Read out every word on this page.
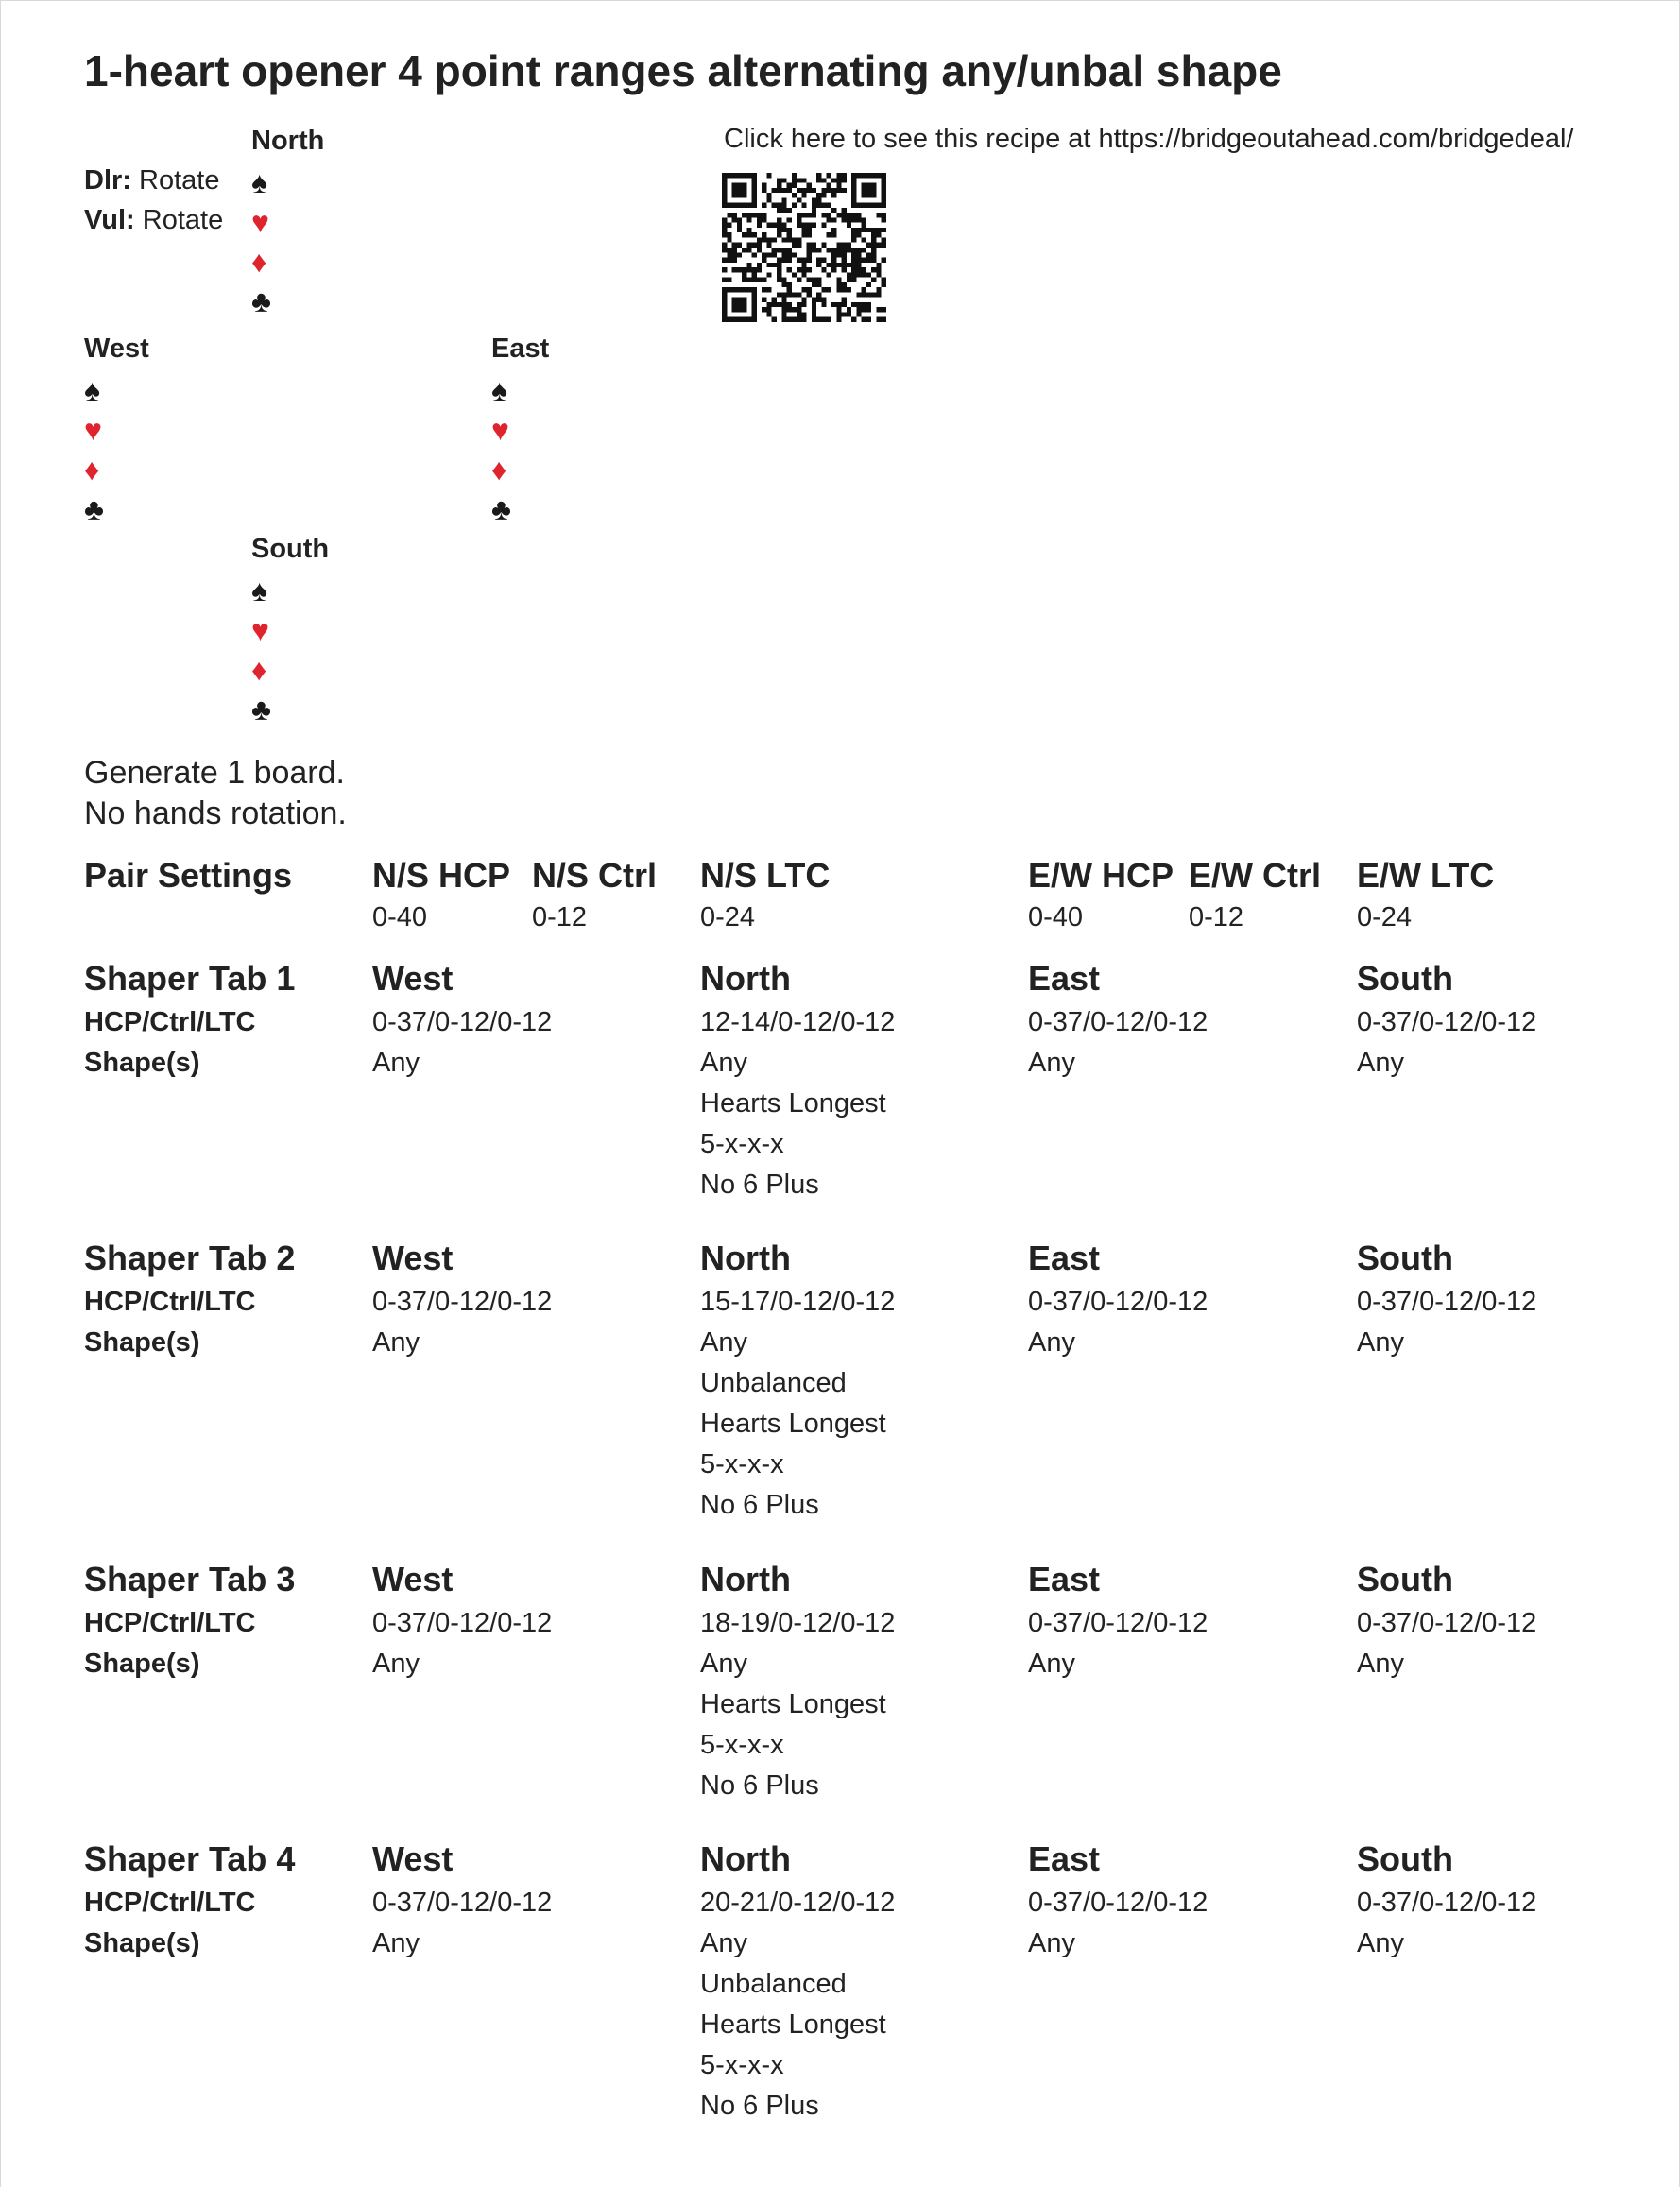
1-heart opener 4 point ranges alternating any/unbal shape
Dlr: Rotate
Vul: Rotate
North
♠
♥
♦
♣
West
♠
♥
♦
♣
East
♠
♥
♦
♣
South
♠
♥
♦
♣
Click here to see this recipe at https://bridgeoutahead.com/bridgedeal/
Generate 1 board.
No hands rotation.
Pair Settings N/S HCP
0-40
N/S Ctrl
0-12
N/S LTC
0-24
E/W HCP
0-40
E/W Ctrl
0-12
E/W LTC
0-24
Shaper Tab 1
HCP/Ctrl/LTC
Shape(s)
West
0-37/0-12/0-12
Any
North
12-14/0-12/0-12
Any
Hearts Longest
5-x-x-x
No 6 Plus
East
0-37/0-12/0-12
Any
South
0-37/0-12/0-12
Any
Shaper Tab 2
HCP/Ctrl/LTC
Shape(s)
West
0-37/0-12/0-12
Any
North
15-17/0-12/0-12
Any
Unbalanced
Hearts Longest
5-x-x-x
No 6 Plus
East
0-37/0-12/0-12
Any
South
0-37/0-12/0-12
Any
Shaper Tab 3
HCP/Ctrl/LTC
Shape(s)
West
0-37/0-12/0-12
Any
North
18-19/0-12/0-12
Any
Hearts Longest
5-x-x-x
No 6 Plus
East
0-37/0-12/0-12
Any
South
0-37/0-12/0-12
Any
Shaper Tab 4
HCP/Ctrl/LTC
Shape(s)
West
0-37/0-12/0-12
Any
North
20-21/0-12/0-12
Any
Unbalanced
Hearts Longest
5-x-x-x
No 6 Plus
East
0-37/0-12/0-12
Any
South
0-37/0-12/0-12
Any
